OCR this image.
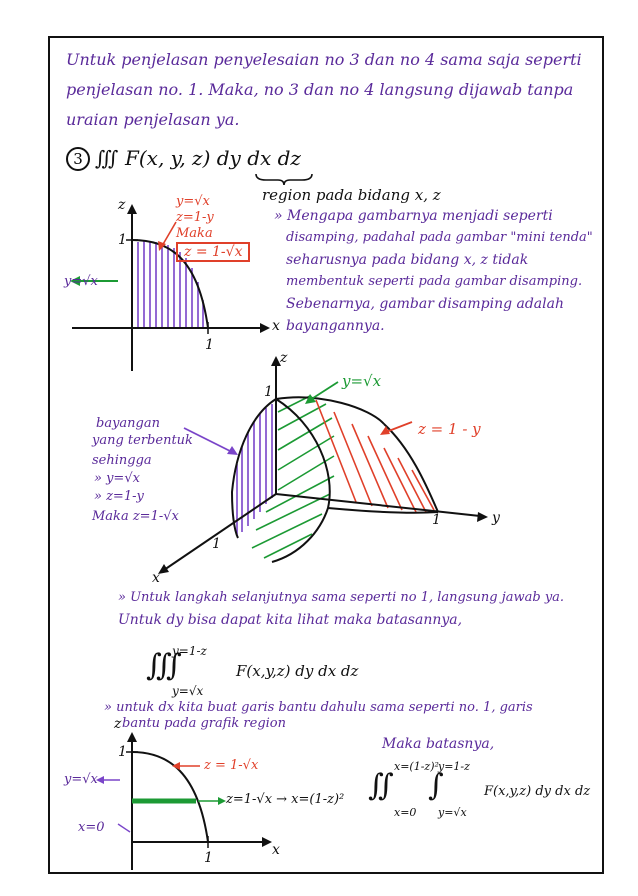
Untuk penjelasan penyelesaian no 3 dan no 4 sama saja seperti
penjelasan no. 1. Maka, no 3 dan no 4 langsung dijawab tanpa
uraian penjelasan ya.
3 ∭ F(x, y, z) dy dx dz
region pada bidang x, z
z
1
1
x
y=√x
z=1-y
Maka
z = 1-√x
y=√x
» Mengapa gambarnya menjadi seperti
disamping, padahal pada gambar "mini tenda"
seharusnya pada bidang x, z tidak
membentuk seperti pada gambar disamping.
Sebenarnya, gambar disamping adalah
bayangannya.
z
1
1
1	y
x
y=√x
z = 1 - y
bayangan
yang terbentuk
sehingga
» y=√x
» z=1-y
Maka z=1-√x
» Untuk langkah selanjutnya sama seperti no 1, langsung jawab ya.
Untuk dy bisa dapat kita lihat maka batasannya,
∭
y=1-z
y=√x
F(x,y,z) dy dx dz
» untuk dx kita buat garis bantu dahulu sama seperti no. 1, garis
bantu pada grafik region
z
1
1	x
z = 1-√x
z=1-√x → x=(1-z)²
y=√x
x=0
Maka batasnya,
∬
x=(1-z)²
x=0
∫
y=1-z
y=√x
F(x,y,z) dy dx dz
